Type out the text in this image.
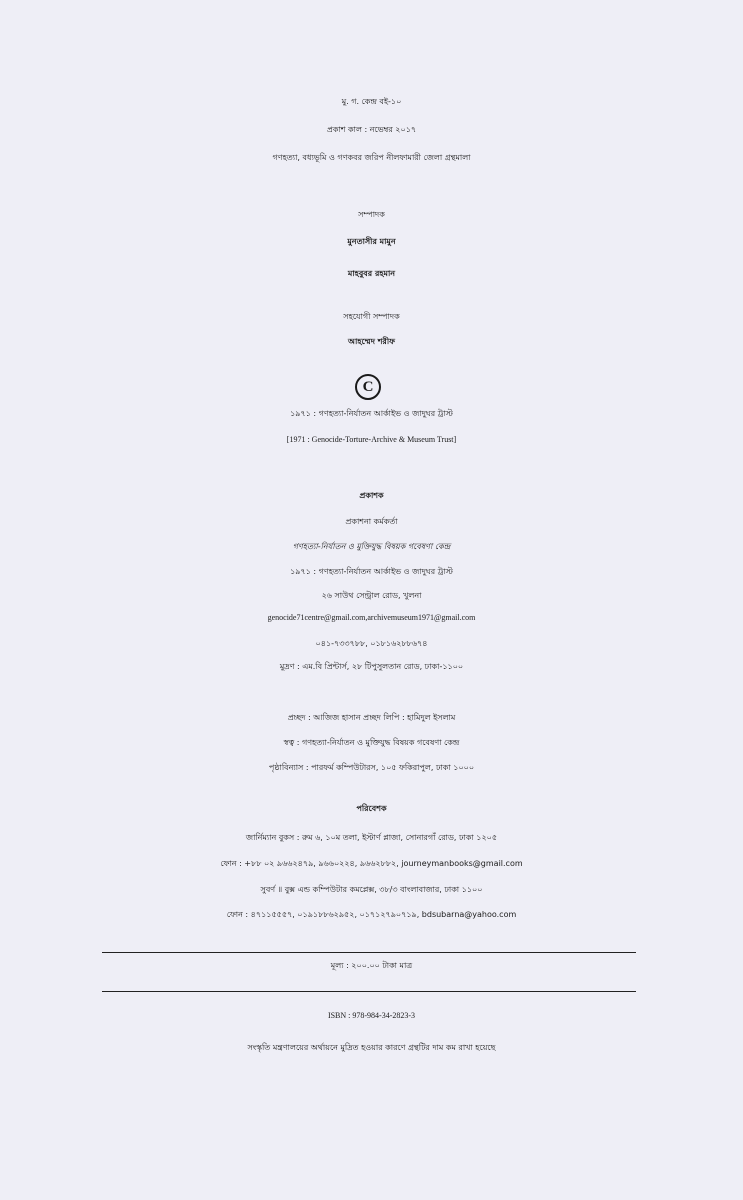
মু. গ. কেন্দ্র বই-১০
প্রকাশ কাল : নভেম্বর ২০১৭
গণহত্যা, বধ্যভূমি ও গণকবর জরিপ নীলফামারী জেলা গ্রন্থমালা
সম্পাদক
মুনতাসীর মামুন
মাহবুবর রহমান
সহযোগী সম্পাদক
আহম্মেদ শরীফ
C
১৯৭১ : গণহত্যা-নির্যাতন আর্কাইভ ও জাদুঘর ট্রাস্ট
[1971 : Genocide-Torture-Archive & Museum Trust]
প্রকাশক
প্রকাশনা কর্মকর্তা
গণহত্যা-নির্যাতন ও মুক্তিযুদ্ধ বিষয়ক গবেষণা কেন্দ্র
১৯৭১ : গণহত্যা-নির্যাতন আর্কাইভ ও জাদুঘর ট্রাস্ট
২৬ সাউথ সেন্ট্রাল রোড, খুলনা
genocide71centre@gmail.com,archivemuseum1971@gmail.com
০৪১-৭৩৩৭৮৮, ০১৮১৬২৮৮৬৭৪
মুদ্রণ : এম.বি প্রিন্টার্স, ২৮ টিপুসুলতান রোড, ঢাকা-১১০০
প্রচ্ছদ : আজিজ হাসান প্রচ্ছদ লিপি : হামিদুল ইসলাম
স্বত্ব : গণহত্যা-নির্যাতন ও মুক্তিযুদ্ধ বিষয়ক গবেষণা কেন্দ্র
পৃষ্ঠাবিন্যাস : পারফর্ম কম্পিউটারস, ১০৫ ফকিরাপুল, ঢাকা ১০০০
পরিবেশক
জার্নিম্যান বুকস : রুম ৬, ১০ম তলা, ইস্টার্ণ প্লাজা, সোনারগাঁ রোড, ঢাকা ১২০৫
ফোন : +৮৮ ০২ ৯৬৬২৪৭৯, ৯৬৬০২২৪, ৯৬৬২৮৮২, journeymanbooks@gmail.com
সুবর্ণ ॥ বুক্স এন্ড কম্পিউটার কমপ্লেক্স, ৩৮/৩ বাংলাবাজার, ঢাকা ১১০০
ফোন : ৪৭১১৫৫৫৭, ০১৯১৮৮৬২৯৫২, ০১৭১২৭৯০৭১৯, bdsubarna@yahoo.com
মূল্য : ২০০.০০ টাকা মাত্র
ISBN : 978-984-34-2823-3
সংস্কৃতি মন্ত্রণালয়ের অর্থায়নে মুদ্রিত হওয়ার কারণে গ্রন্থটির দাম কম রাখা হয়েছে
